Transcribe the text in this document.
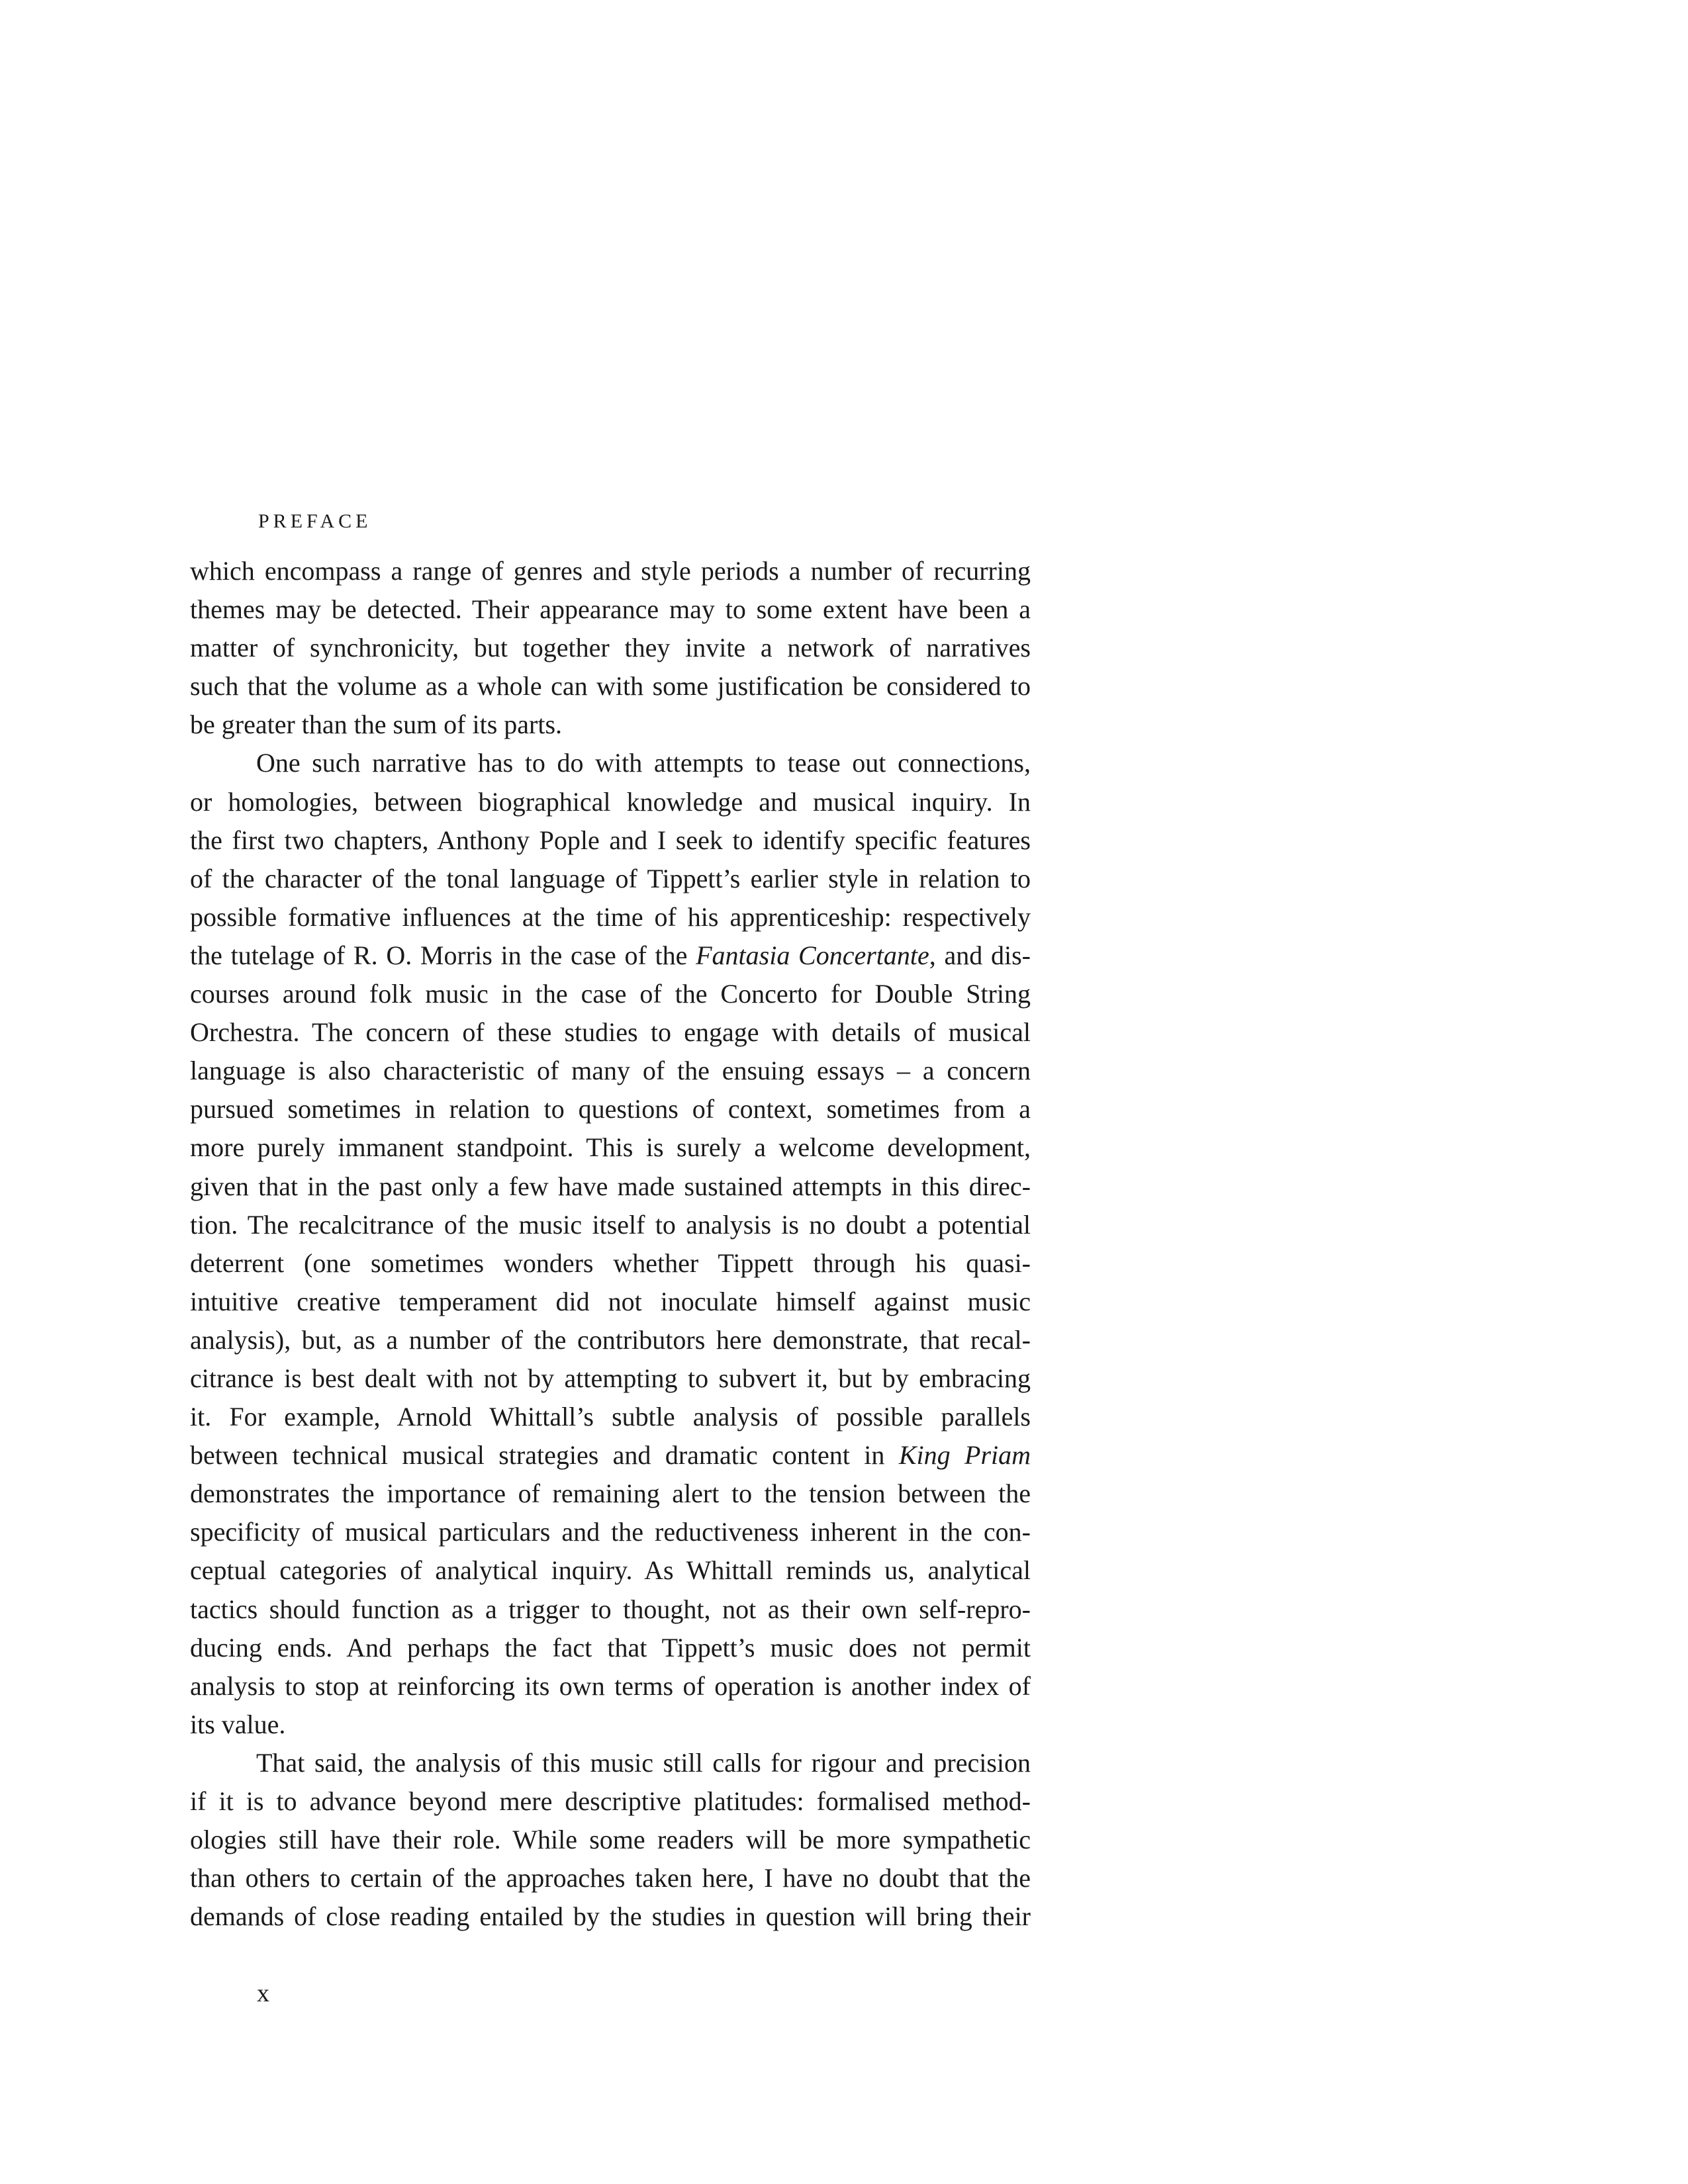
PREFACE

which encompass a range of genres and style periods a number of recurring
themes may be detected. Their appearance may to some extent have been a
matter of synchronicity, but together they invite a network of narratives
such that the volume as a whole can with some justification be considered to
be greater than the sum of its parts.
One such narrative has to do with attempts to tease out connections,
or homologies, between biographical knowledge and musical inquiry. In
the first two chapters, Anthony Pople and I seek to identify specific features
of the character of the tonal language of Tippett’s earlier style in relation to
possible formative influences at the time of his apprenticeship: respectively
the tutelage of R. O. Morris in the case of the Fantasia Concertante, and dis-
courses around folk music in the case of the Concerto for Double String
Orchestra. The concern of these studies to engage with details of musical
language is also characteristic of many of the ensuing essays – a concern
pursued sometimes in relation to questions of context, sometimes from a
more purely immanent standpoint. This is surely a welcome development,
given that in the past only a few have made sustained attempts in this direc-
tion. The recalcitrance of the music itself to analysis is no doubt a potential
deterrent (one sometimes wonders whether Tippett through his quasi-
intuitive creative temperament did not inoculate himself against music
analysis), but, as a number of the contributors here demonstrate, that recal-
citrance is best dealt with not by attempting to subvert it, but by embracing
it. For example, Arnold Whittall’s subtle analysis of possible parallels
between technical musical strategies and dramatic content in King Priam
demonstrates the importance of remaining alert to the tension between the
specificity of musical particulars and the reductiveness inherent in the con-
ceptual categories of analytical inquiry. As Whittall reminds us, analytical
tactics should function as a trigger to thought, not as their own self-repro-
ducing ends. And perhaps the fact that Tippett’s music does not permit
analysis to stop at reinforcing its own terms of operation is another index of
its value.
That said, the analysis of this music still calls for rigour and precision
if it is to advance beyond mere descriptive platitudes: formalised method-
ologies still have their role. While some readers will be more sympathetic
than others to certain of the approaches taken here, I have no doubt that the
demands of close reading entailed by the studies in question will bring their

x
